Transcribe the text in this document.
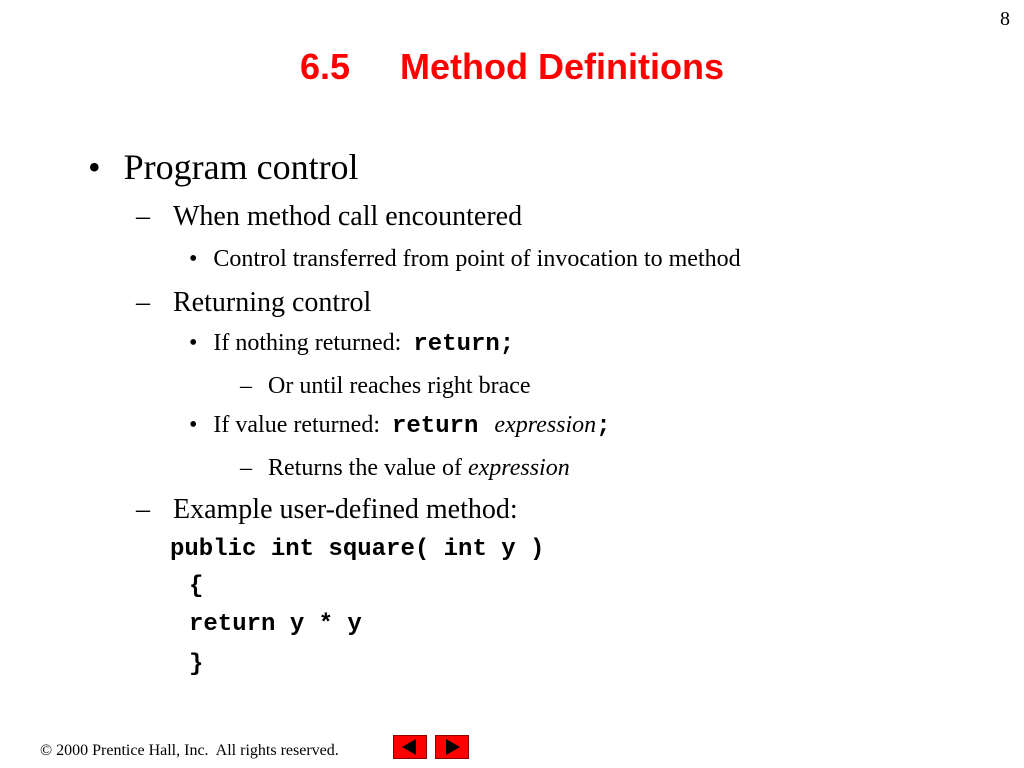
8
6.5     Method Definitions
• Program control
– When method call encountered
• Control transferred from point of invocation to method
– Returning control
• If nothing returned:  return;
– Or until reaches right brace
• If value returned:  return expression;
– Returns the value of expression
– Example user-defined method:
public int square( int y )
{
return y * y
}
© 2000 Prentice Hall, Inc.  All rights reserved.
